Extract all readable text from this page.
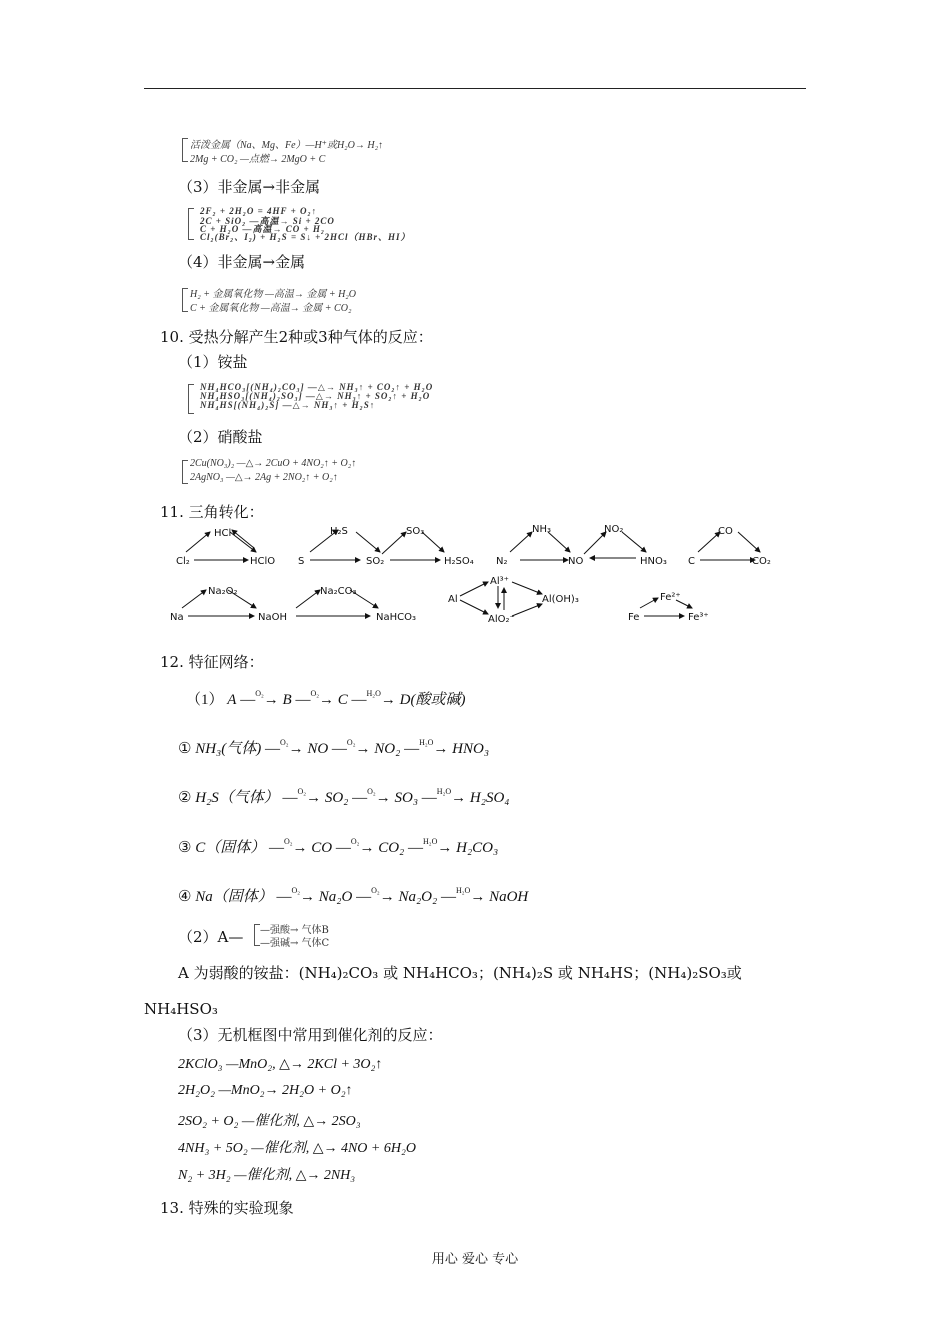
活泼金属（Na、Mg、Fe）—H⁺或H₂O→ H₂↑
2Mg + CO₂ —点燃→ 2MgO + C
（3）非金属→非金属
2F₂ + 2H₂O = 4HF + O₂↑
2C + SiO₂ —高温→ Si + 2CO
C + H₂O —高温→ CO + H₂
Cl₂(Br₂、I₂) + H₂S = S↓ + 2HCl（HBr、HI）
（4）非金属→金属
H₂ + 金属氧化物 —高温→ 金属 + H₂O
C + 金属氧化物 —高温→ 金属 + CO₂
10. 受热分解产生2种或3种气体的反应：
（1）铵盐
NH₄HCO₃[(NH₄)₂CO₃] —△→ NH₃↑ + CO₂↑ + H₂O
NH₄HSO₃[(NH₄)₂SO₃] —△→ NH₃↑ + SO₂↑ + H₂O
NH₄HS[(NH₄)₂S] —△→ NH₃↑ + H₂S↑
（2）硝酸盐
2Cu(NO₃)₂ —△→ 2CuO + 4NO₂↑ + O₂↑
2AgNO₃ —△→ 2Ag + 2NO₂↑ + O₂↑
11. 三角转化：
HCl
Cl₂	HClO
H₂S
SO₂
S
SO₃
H₂SO₄
NH₃	NO₂
N₂	NO	HNO₃
CO
C	CO₂
Na₂O₂
Na	NaOH
Na₂CO₃
NaHCO₃
Al³⁺
Al	Al(OH)₃
AlO₂⁻
Fe²⁺
Fe	Fe³⁺
12. 特征网络：
（1） A —$^{O_2}$→ B —$^{O_2}$→ C —$^{H_2O}$→ D(酸或碱)
① NH₃(气体) —$^{O_2}$→ NO —$^{O_2}$→ NO₂ —$^{H_2O}$→ HNO₃
② H₂S（气体） —$^{O_2}$→ SO₂ —$^{O_2}$→ SO₃ —$^{H_2O}$→ H₂SO₄
③ C（固体） —$^{O_2}$→ CO —$^{O_2}$→ CO₂ —$^{H_2O}$→ H₂CO₃
④ Na（固体） —$^{O_2}$→ Na₂O —$^{O_2}$→ Na₂O₂ —$^{H_2O}$→ NaOH
（2）A— —强酸→ 气体B
—强碱→ 气体C
A 为弱酸的铵盐：(NH₄)₂CO₃ 或 NH₄HCO₃；(NH₄)₂S 或 NH₄HS；(NH₄)₂SO₃或
NH₄HSO₃
（3）无机框图中常用到催化剂的反应：
2KClO₃ —MnO₂, △→ 2KCl + 3O₂↑
2H₂O₂ —MnO₂→ 2H₂O + O₂↑
2SO₂ + O₂ —催化剂, △→ 2SO₃
4NH₃ + 5O₂ —催化剂, △→ 4NO + 6H₂O
N₂ + 3H₂ —催化剂, △→ 2NH₃
13. 特殊的实验现象
用心 爱心 专心
